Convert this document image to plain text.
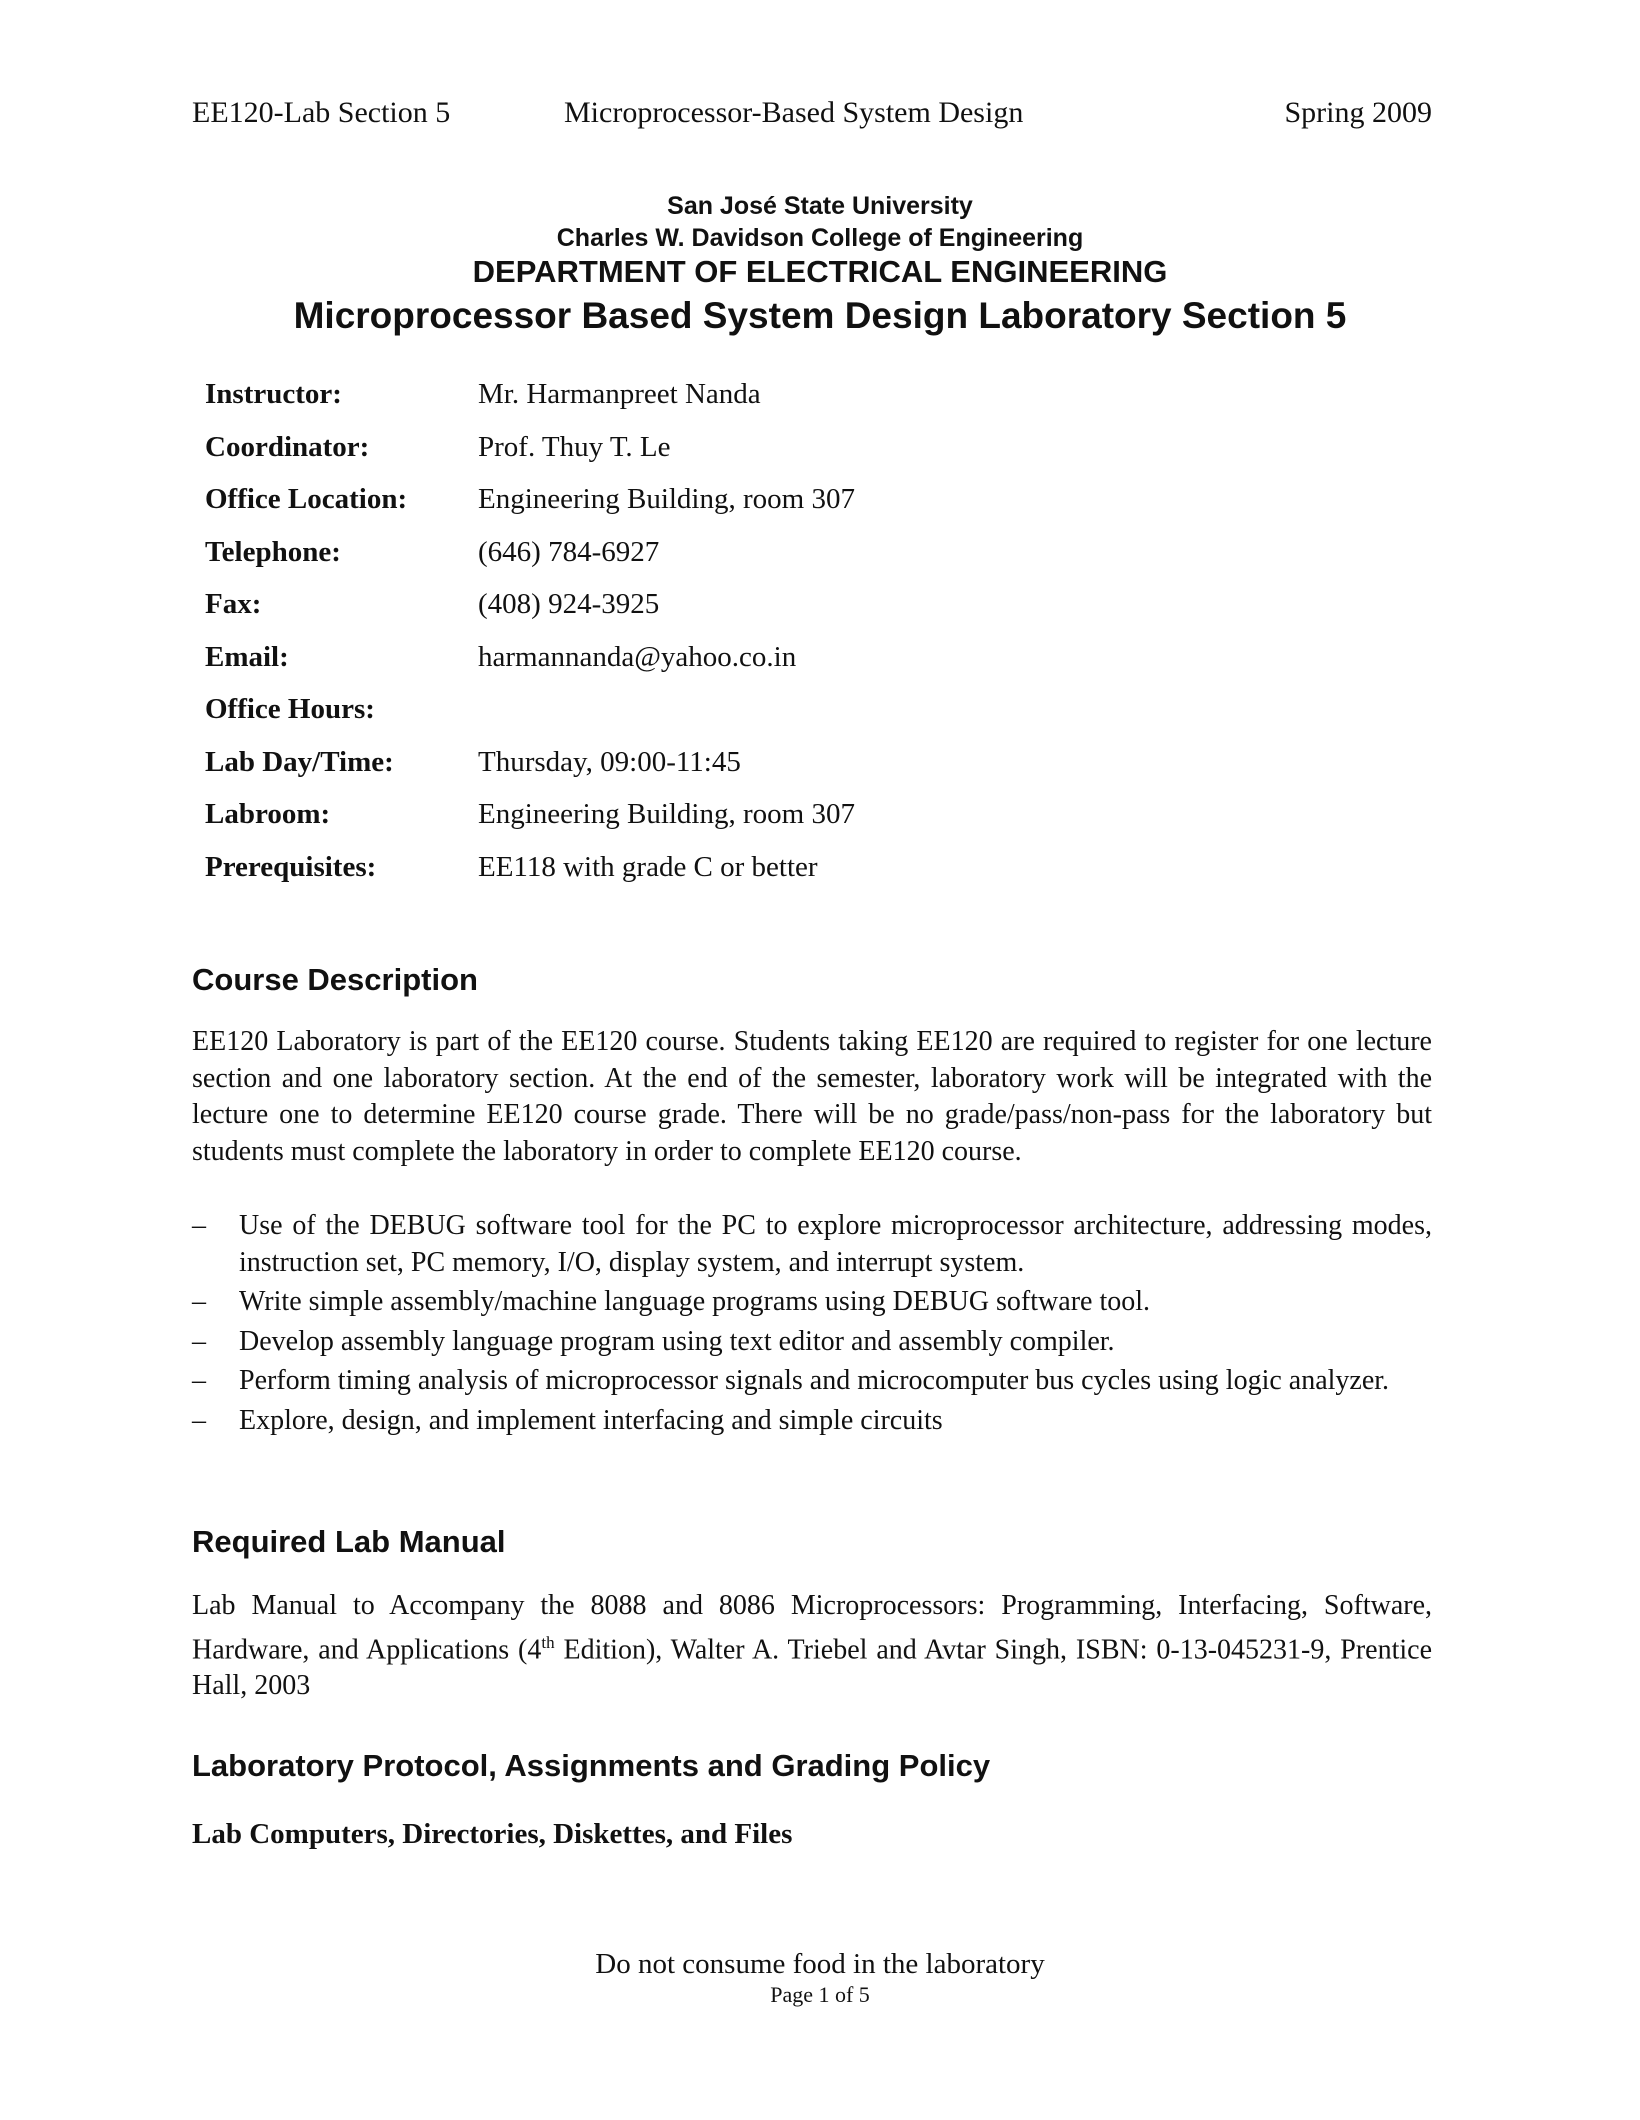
EE120-Lab Section 5	Microprocessor-Based System Design	Spring 2009
San José State University
Charles W. Davidson College of Engineering
DEPARTMENT OF ELECTRICAL ENGINEERING
Microprocessor Based System Design Laboratory Section 5
Instructor:	Mr. Harmanpreet Nanda
Coordinator:	Prof. Thuy T. Le
Office Location: Engineering Building, room 307
Telephone:	(646) 784-6927
Fax:	(408) 924-3925
Email:	harmannanda@yahoo.co.in
Office Hours:
Lab Day/Time:	Thursday, 09:00-11:45
Labroom:	Engineering Building, room 307
Prerequisites:	EE118 with grade C or better
Course Description
EE120 Laboratory is part of the EE120 course. Students taking EE120 are required to register for one lecture section and one laboratory section. At the end of the semester, laboratory work will be integrated with the lecture one to determine EE120 course grade. There will be no grade/pass/non-pass for the laboratory but students must complete the laboratory in order to complete EE120 course.
– Use of the DEBUG software tool for the PC to explore microprocessor architecture, addressing modes, instruction set, PC memory, I/O, display system, and interrupt system.
– Write simple assembly/machine language programs using DEBUG software tool.
– Develop assembly language program using text editor and assembly compiler.
– Perform timing analysis of microprocessor signals and microcomputer bus cycles using logic analyzer.
– Explore, design, and implement interfacing and simple circuits
Required Lab Manual
Lab Manual to Accompany the 8088 and 8086 Microprocessors: Programming, Interfacing, Software, Hardware, and Applications (4th Edition), Walter A. Triebel and Avtar Singh, ISBN: 0-13-045231-9, Prentice Hall, 2003
Laboratory Protocol, Assignments and Grading Policy
Lab Computers, Directories, Diskettes, and Files
Do not consume food in the laboratory
Page 1 of 5
